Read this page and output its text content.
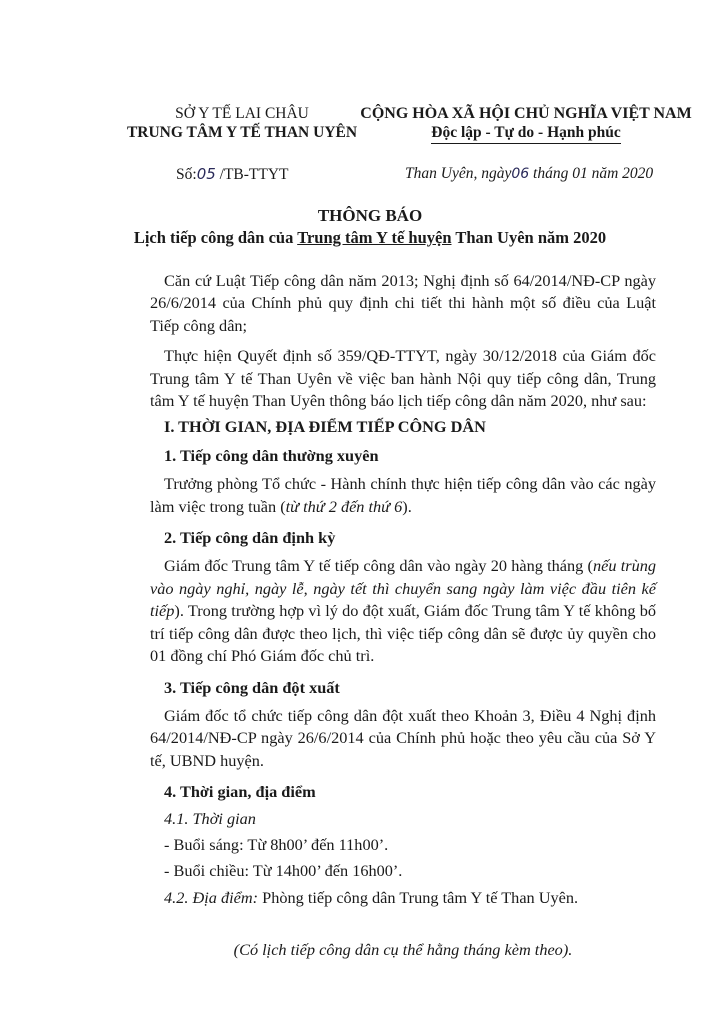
SỞ Y TẾ LAI CHÂU
TRUNG TÂM Y TẾ THAN UYÊN
CỘNG HÒA XÃ HỘI CHỦ NGHĨA VIỆT NAM
Độc lập - Tự do - Hạnh phúc
Số:05 /TB-TTYT	Than Uyên, ngày06 tháng 01 năm 2020
THÔNG BÁO
Lịch tiếp công dân của Trung tâm Y tế huyện Than Uyên năm 2020

Căn cứ Luật Tiếp công dân năm 2013; Nghị định số 64/2014/NĐ-CP ngày 26/6/2014 của Chính phủ quy định chi tiết thi hành một số điều của Luật Tiếp công dân;

Thực hiện Quyết định số 359/QĐ-TTYT, ngày 30/12/2018 của Giám đốc Trung tâm Y tế Than Uyên về việc ban hành Nội quy tiếp công dân, Trung tâm Y tế huyện Than Uyên thông báo lịch tiếp công dân năm 2020, như sau:

I. THỜI GIAN, ĐỊA ĐIỂM TIẾP CÔNG DÂN

1. Tiếp công dân thường xuyên

Trưởng phòng Tổ chức - Hành chính thực hiện tiếp công dân vào các ngày làm việc trong tuần (từ thứ 2 đến thứ 6).

2. Tiếp công dân định kỳ

Giám đốc Trung tâm Y tế tiếp công dân vào ngày 20 hàng tháng (nếu trùng vào ngày nghỉ, ngày lễ, ngày tết thì chuyển sang ngày làm việc đầu tiên kế tiếp). Trong trường hợp vì lý do đột xuất, Giám đốc Trung tâm Y tế không bố trí tiếp công dân được theo lịch, thì việc tiếp công dân sẽ được ủy quyền cho 01 đồng chí Phó Giám đốc chủ trì.

3. Tiếp công dân đột xuất

Giám đốc tổ chức tiếp công dân đột xuất theo Khoản 3, Điều 4 Nghị định 64/2014/NĐ-CP ngày 26/6/2014 của Chính phủ hoặc theo yêu cầu của Sở Y tế, UBND huyện.

4. Thời gian, địa điểm

4.1. Thời gian

- Buổi sáng: Từ 8h00’ đến 11h00’.

- Buổi chiều: Từ 14h00’ đến 16h00’.

4.2. Địa điểm: Phòng tiếp công dân Trung tâm Y tế Than Uyên.

(Có lịch tiếp công dân cụ thể hằng tháng kèm theo).
